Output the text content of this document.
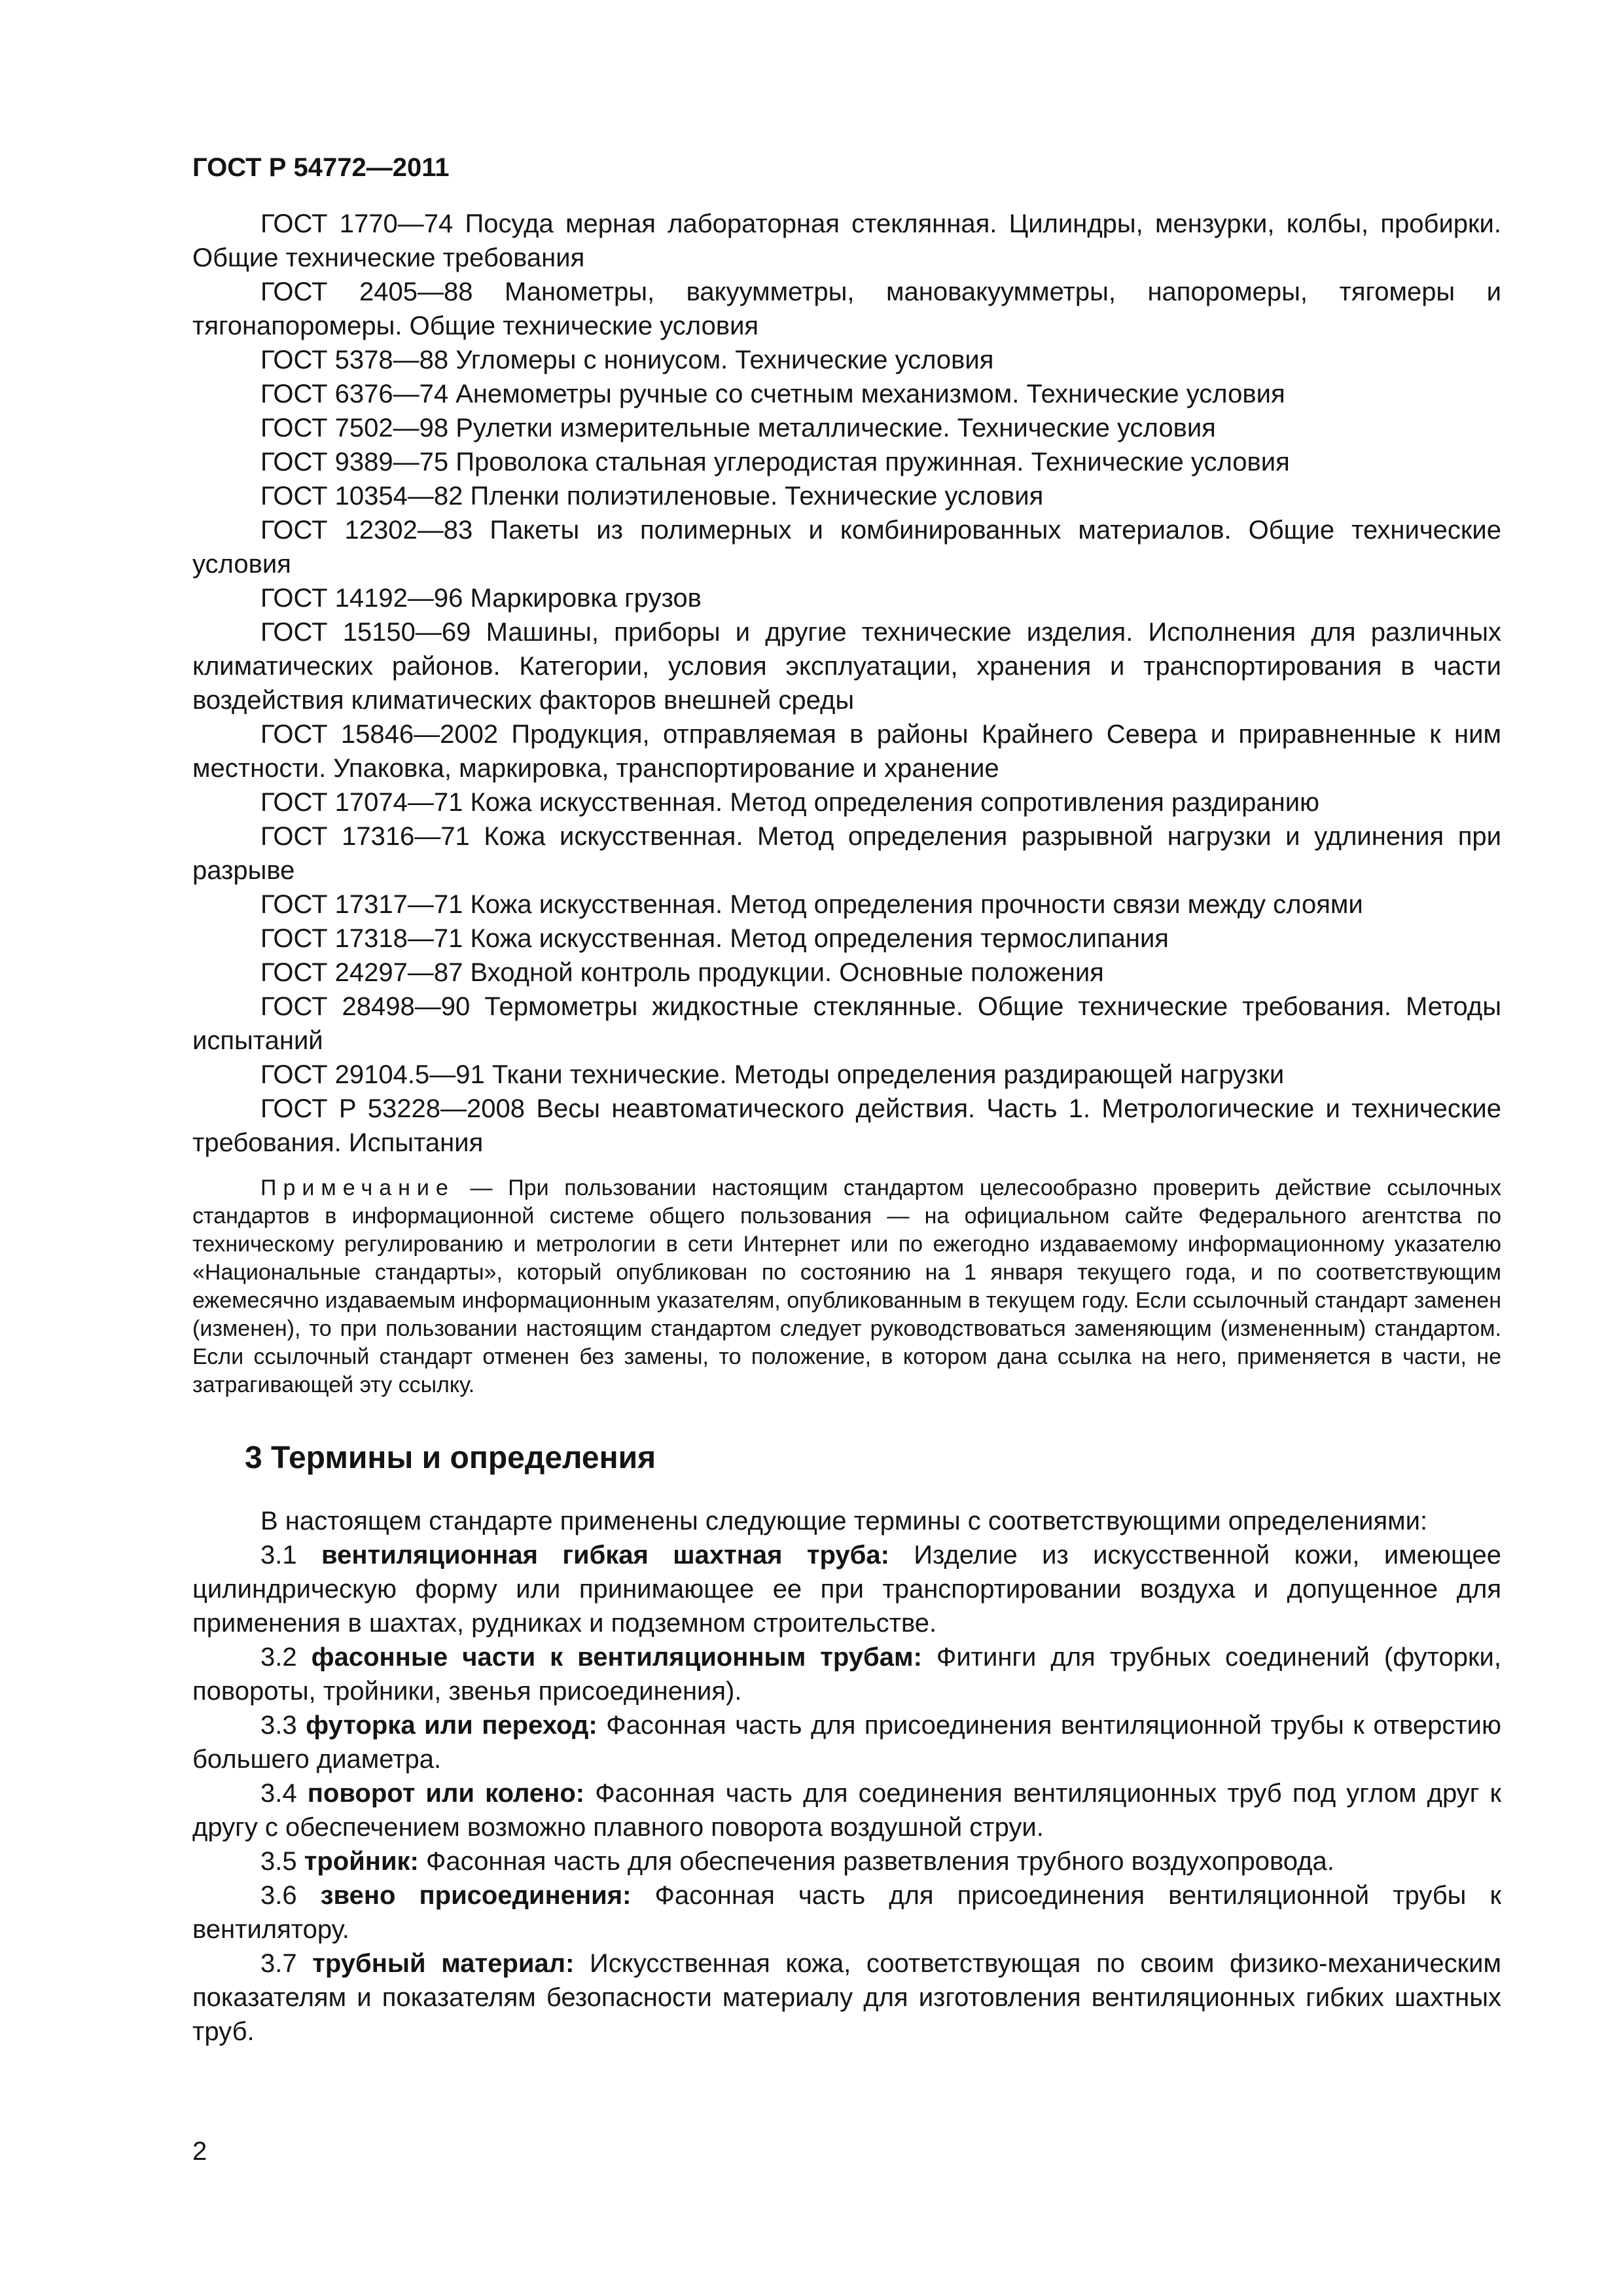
ГОСТ Р 54772—2011

ГОСТ 1770—74 Посуда мерная лабораторная стеклянная. Цилиндры, мензурки, колбы, пробирки. Общие технические требования

ГОСТ 2405—88 Манометры, вакуумметры, мановакуумметры, напоромеры, тягомеры и тягонапоромеры. Общие технические условия

ГОСТ 5378—88 Угломеры с нониусом. Технические условия

ГОСТ 6376—74 Анемометры ручные со счетным механизмом. Технические условия

ГОСТ 7502—98 Рулетки измерительные металлические. Технические условия

ГОСТ 9389—75 Проволока стальная углеродистая пружинная. Технические условия

ГОСТ 10354—82 Пленки полиэтиленовые. Технические условия

ГОСТ 12302—83 Пакеты из полимерных и комбинированных материалов. Общие технические условия

ГОСТ 14192—96 Маркировка грузов

ГОСТ 15150—69 Машины, приборы и другие технические изделия. Исполнения для различных климатических районов. Категории, условия эксплуатации, хранения и транспортирования в части воздействия климатических факторов внешней среды

ГОСТ 15846—2002 Продукция, отправляемая в районы Крайнего Севера и приравненные к ним местности. Упаковка, маркировка, транспортирование и хранение

ГОСТ 17074—71 Кожа искусственная. Метод определения сопротивления раздиранию

ГОСТ 17316—71 Кожа искусственная. Метод определения разрывной нагрузки и удлинения при разрыве

ГОСТ 17317—71 Кожа искусственная. Метод определения прочности связи между слоями

ГОСТ 17318—71 Кожа искусственная. Метод определения термослипания

ГОСТ 24297—87 Входной контроль продукции. Основные положения

ГОСТ 28498—90 Термометры жидкостные стеклянные. Общие технические требования. Методы испытаний

ГОСТ 29104.5—91 Ткани технические. Методы определения раздирающей нагрузки

ГОСТ Р 53228—2008 Весы неавтоматического действия. Часть 1. Метрологические и технические требования. Испытания

Примечание — При пользовании настоящим стандартом целесообразно проверить действие ссылочных стандартов в информационной системе общего пользования — на официальном сайте Федерального агентства по техническому регулированию и метрологии в сети Интернет или по ежегодно издаваемому информационному указателю «Национальные стандарты», который опубликован по состоянию на 1 января текущего года, и по соответствующим ежемесячно издаваемым информационным указателям, опубликованным в текущем году. Если ссылочный стандарт заменен (изменен), то при пользовании настоящим стандартом следует руководствоваться заменяющим (измененным) стандартом. Если ссылочный стандарт отменен без замены, то положение, в котором дана ссылка на него, применяется в части, не затрагивающей эту ссылку.
3 Термины и определения

В настоящем стандарте применены следующие термины с соответствующими определениями:

3.1 вентиляционная гибкая шахтная труба: Изделие из искусственной кожи, имеющее цилиндрическую форму или принимающее ее при транспортировании воздуха и допущенное для применения в шахтах, рудниках и подземном строительстве.

3.2 фасонные части к вентиляционным трубам: Фитинги для трубных соединений (футорки, повороты, тройники, звенья присоединения).

3.3 футорка или переход: Фасонная часть для присоединения вентиляционной трубы к отверстию большего диаметра.

3.4 поворот или колено: Фасонная часть для соединения вентиляционных труб под углом друг к другу с обеспечением возможно плавного поворота воздушной струи.

3.5 тройник: Фасонная часть для обеспечения разветвления трубного воздухопровода.

3.6 звено присоединения: Фасонная часть для присоединения вентиляционной трубы к вентилятору.

3.7 трубный материал: Искусственная кожа, соответствующая по своим физико-механическим показателям и показателям безопасности материалу для изготовления вентиляционных гибких шахтных труб.

2
